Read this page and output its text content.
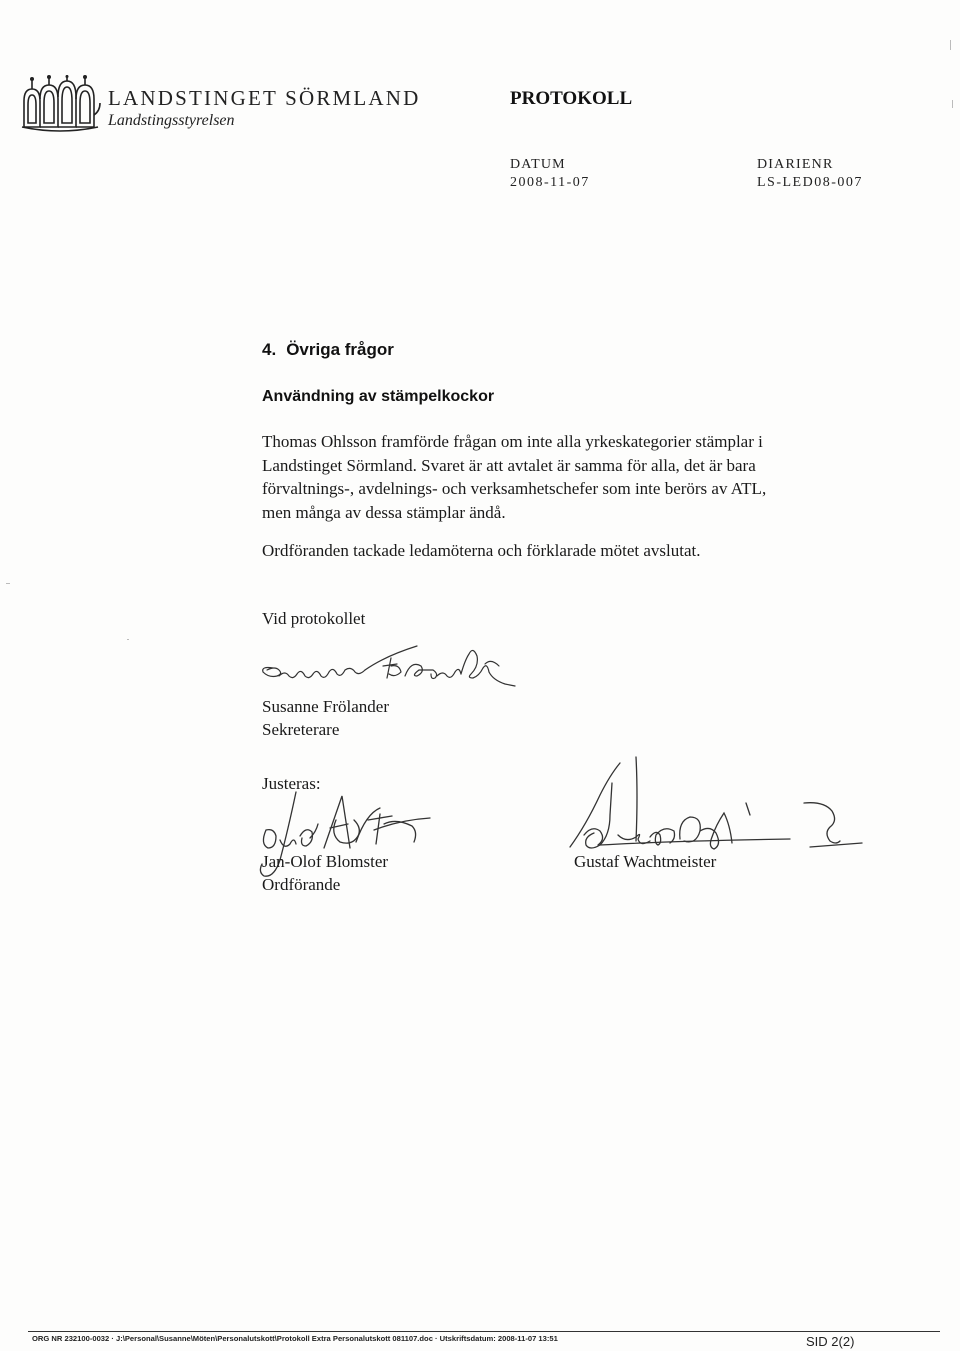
LANDSTINGET SÖRMLAND
Landstingsstyrelsen
PROTOKOLL
DATUM
2008-11-07
DIARIENR
LS-LED08-007
4. Övriga frågor
Användning av stämpelkockor

Thomas Ohlsson framförde frågan om inte alla yrkeskategorier stämplar i
Landstinget Sörmland. Svaret är att avtalet är samma för alla, det är bara
förvaltnings-, avdelnings- och verksamhetschefer som inte berörs av ATL,
men många av dessa stämplar ändå.

Ordföranden tackade ledamöterna och förklarade mötet avslutat.
Vid protokollet
Susanne Frölander
Sekreterare
Justeras:
Jan-Olof Blomster
Ordförande
Gustaf Wachtmeister
ORG NR 232100-0032 · J:\Personal\Susanne\Möten\Personalutskott\Protokoll Extra Personalutskott 081107.doc · Utskriftsdatum: 2008-11-07 13:51	SID 2(2)
